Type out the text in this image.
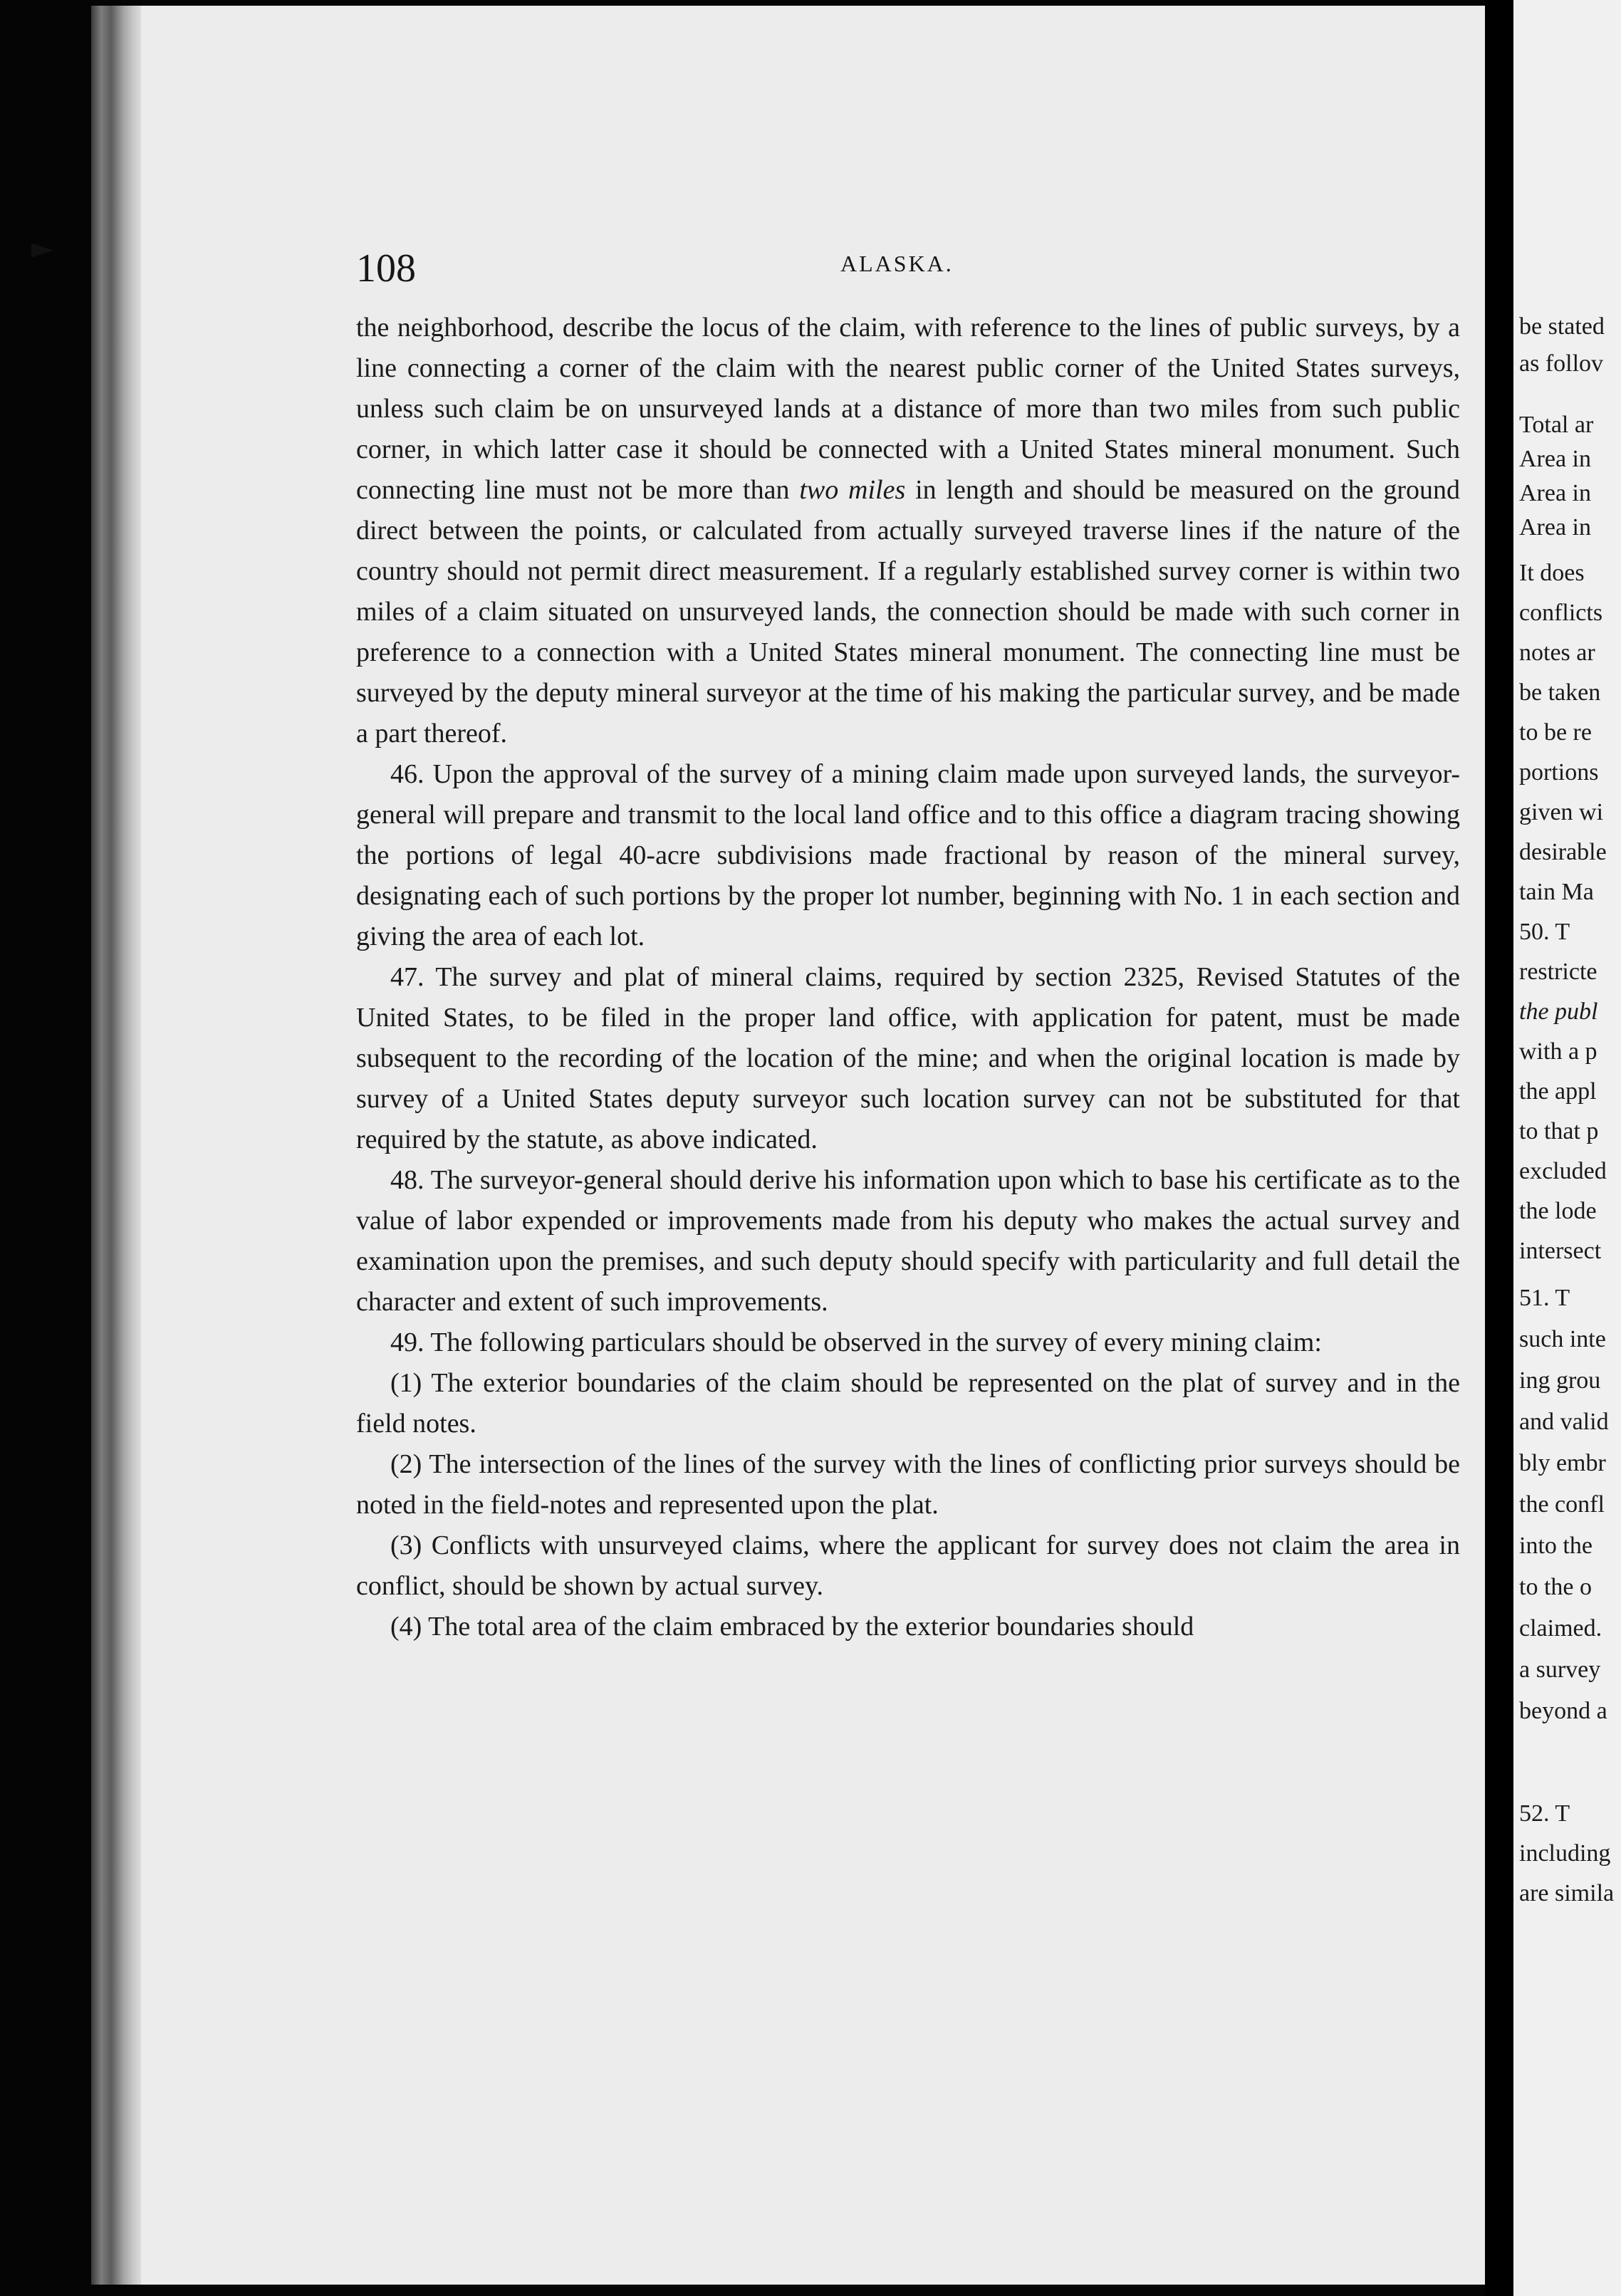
►	108	ALASKA.

the neighborhood, describe the locus of the claim, with reference to the lines of public surveys, by a line connecting a corner of the claim with the nearest public corner of the United States surveys, unless such claim be on unsurveyed lands at a distance of more than two miles from such public corner, in which latter case it should be connected with a United States mineral monument. Such connecting line must not be more than two miles in length and should be measured on the ground direct between the points, or calculated from actually surveyed traverse lines if the nature of the country should not permit direct measurement. If a regularly established survey corner is within two miles of a claim situated on unsurveyed lands, the connection should be made with such corner in preference to a connection with a United States mineral monument. The connecting line must be surveyed by the deputy mineral surveyor at the time of his making the particular survey, and be made a part thereof.

46. Upon the approval of the survey of a mining claim made upon surveyed lands, the surveyor-general will prepare and transmit to the local land office and to this office a diagram tracing showing the portions of legal 40-acre subdivisions made fractional by reason of the mineral survey, designating each of such portions by the proper lot number, beginning with No. 1 in each section and giving the area of each lot.

47. The survey and plat of mineral claims, required by section 2325, Revised Statutes of the United States, to be filed in the proper land office, with application for patent, must be made subsequent to the recording of the location of the mine; and when the original location is made by survey of a United States deputy surveyor such location survey can not be substituted for that required by the statute, as above indicated.

48. The surveyor-general should derive his information upon which to base his certificate as to the value of labor expended or improvements made from his deputy who makes the actual survey and examination upon the premises, and such deputy should specify with particularity and full detail the character and extent of such improvements.

49. The following particulars should be observed in the survey of every mining claim:

(1) The exterior boundaries of the claim should be represented on the plat of survey and in the field notes.

(2) The intersection of the lines of the survey with the lines of conflicting prior surveys should be noted in the field-notes and represented upon the plat.

(3) Conflicts with unsurveyed claims, where the applicant for survey does not claim the area in conflict, should be shown by actual survey.

(4) The total area of the claim embraced by the exterior boundaries should

be stated
as follov
Total ar
Area in
Area in
Area in
It does
conflicts
notes ar
be taken
to be re
portions
given wi
desirable
tain Ma
50. T
restricte
the publ
with a p
the appl
to that p
excluded
the lode
intersect
51. T
such inte
ing grou
and valid
bly embr
the confl
into the
to the o
claimed.
a survey
beyond a
52. T
including
are simila
